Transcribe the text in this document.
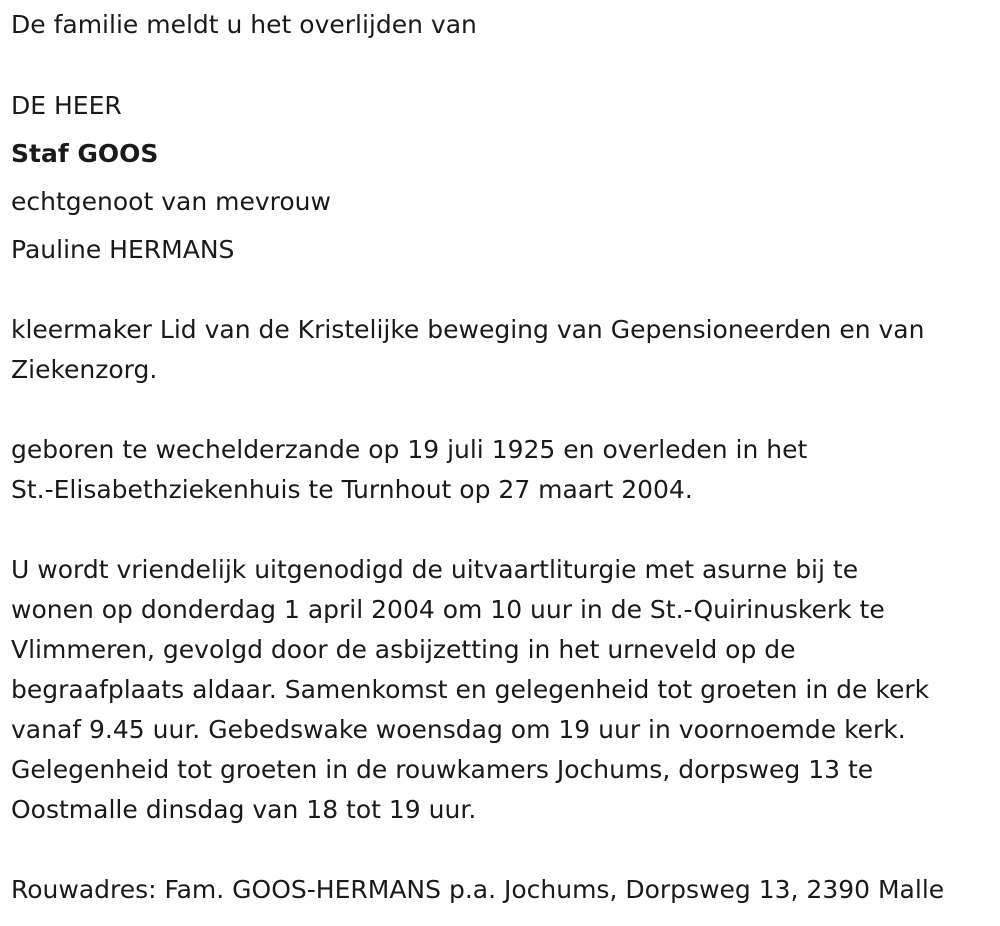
De familie meldt u het overlijden van
DE HEER
Staf GOOS
echtgenoot van mevrouw
Pauline HERMANS
kleermaker Lid van de Kristelijke beweging van Gepensioneerden en van
Ziekenzorg.
geboren te wechelderzande op 19 juli 1925 en overleden in het
St.-Elisabethziekenhuis te Turnhout op 27 maart 2004.
U wordt vriendelijk uitgenodigd de uitvaartliturgie met asurne bij te
wonen op donderdag 1 april 2004 om 10 uur in de St.-Quirinuskerk te
Vlimmeren, gevolgd door de asbijzetting in het urneveld op de
begraafplaats aldaar. Samenkomst en gelegenheid tot groeten in de kerk
vanaf 9.45 uur. Gebedswake woensdag om 19 uur in voornoemde kerk.
Gelegenheid tot groeten in de rouwkamers Jochums, dorpsweg 13 te
Oostmalle dinsdag van 18 tot 19 uur.
Rouwadres: Fam. GOOS-HERMANS p.a. Jochums, Dorpsweg 13, 2390 Malle
